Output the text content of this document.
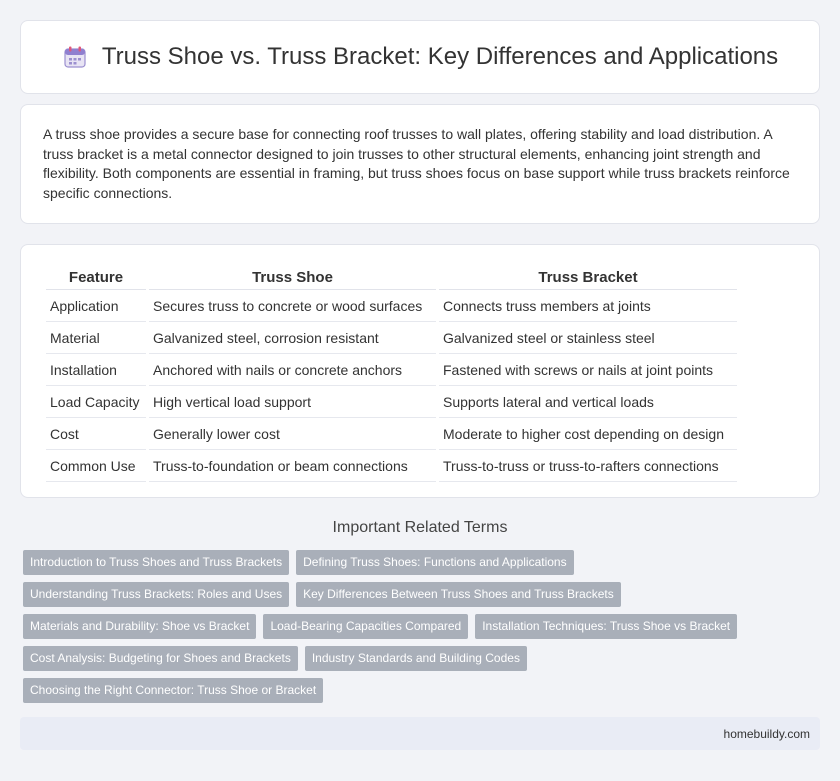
Truss Shoe vs. Truss Bracket: Key Differences and Applications

A truss shoe provides a secure base for connecting roof trusses to wall plates, offering stability and load distribution. A truss bracket is a metal connector designed to join trusses to other structural elements, enhancing joint strength and flexibility. Both components are essential in framing, but truss shoes focus on base support while truss brackets reinforce specific connections.

Feature	Truss Shoe	Truss Bracket
Application	Secures truss to concrete or wood surfaces	Connects truss members at joints
Material	Galvanized steel, corrosion resistant	Galvanized steel or stainless steel
Installation	Anchored with nails or concrete anchors	Fastened with screws or nails at joint points
Load Capacity	High vertical load support	Supports lateral and vertical loads
Cost	Generally lower cost	Moderate to higher cost depending on design
Common Use	Truss-to-foundation or beam connections	Truss-to-truss or truss-to-rafters connections
Important Related Terms
Introduction to Truss Shoes and Truss Brackets	Defining Truss Shoes: Functions and Applications
Understanding Truss Brackets: Roles and Uses	Key Differences Between Truss Shoes and Truss Brackets
Materials and Durability: Shoe vs Bracket	Load-Bearing Capacities Compared	Installation Techniques: Truss Shoe vs Bracket
Cost Analysis: Budgeting for Shoes and Brackets	Industry Standards and Building Codes
Choosing the Right Connector: Truss Shoe or Bracket
homebuildy.com
